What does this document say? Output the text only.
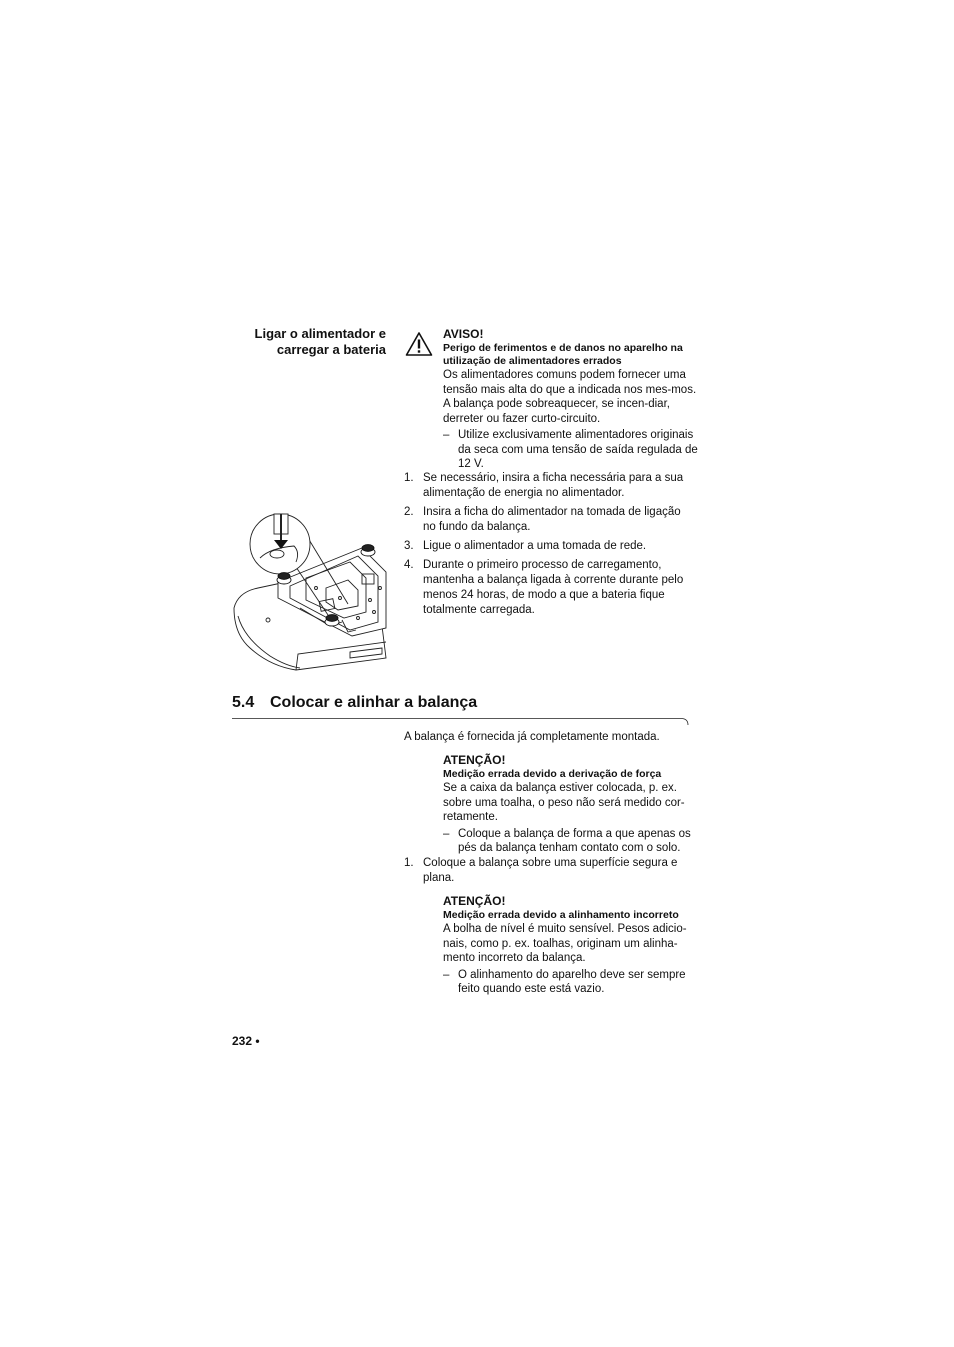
Ligar o alimentador e
carregar a bateria
AVISO!
Perigo de ferimentos e de danos no aparelho na utilização de alimentadores errados

Os alimentadores comuns podem fornecer uma tensão mais alta do que a indicada nos mes-mos. A balança pode sobreaquecer, se incen-diar, derreter ou fazer curto-circuito.

– Utilize exclusivamente alimentadores originais da seca com uma tensão de saída regulada de 12 V.
1. Se necessário, insira a ficha necessária para a sua alimentação de energia no alimentador.
2. Insira a ficha do alimentador na tomada de ligação no fundo da balança.
3. Ligue o alimentador a uma tomada de rede.
4. Durante o primeiro processo de carregamento, mantenha a balança ligada à corrente durante pelo menos 24 horas, de modo a que a bateria fique totalmente carregada.
5.4 Colocar e alinhar a balança
A balança é fornecida já completamente montada.
ATENÇÃO!
Medição errada devido a derivação de força

Se a caixa da balança estiver colocada, p. ex. sobre uma toalha, o peso não será medido cor-retamente.

– Coloque a balança de forma a que apenas os pés da balança tenham contato com o solo.
1. Coloque a balança sobre uma superfície segura e plana.
ATENÇÃO!
Medição errada devido a alinhamento incorreto

A bolha de nível é muito sensível. Pesos adicio-nais, como p. ex. toalhas, originam um alinha-mento incorreto da balança.

– O alinhamento do aparelho deve ser sempre feito quando este está vazio.
232 •
